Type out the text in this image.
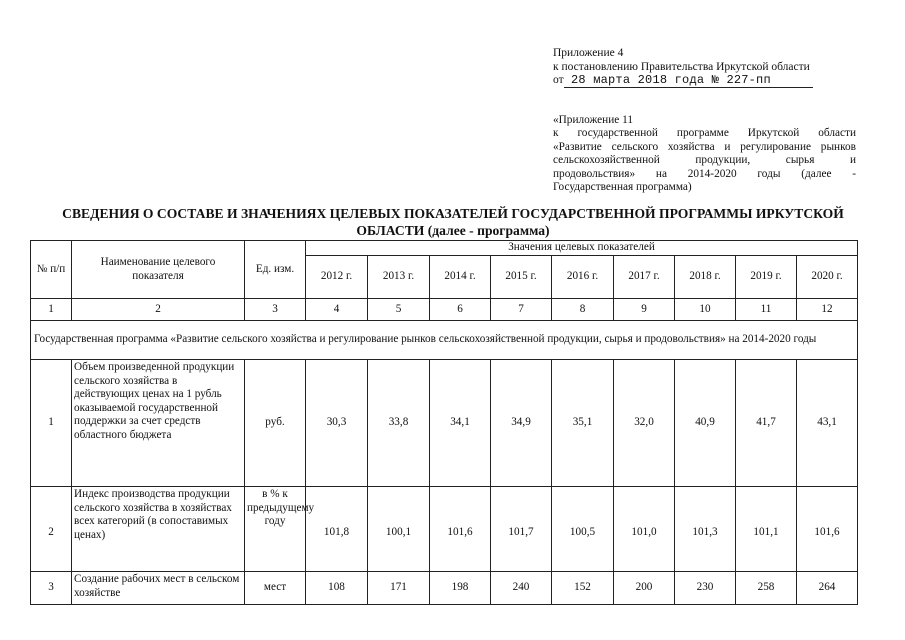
Приложение 4
к постановлению Правительства Иркутской области
от 28 марта 2018 года № 227-пп
«Приложение 11
к государственной программе Иркутской области
«Развитие сельского хозяйства и регулирование рынков
сельскохозяйственной продукции, сырья и
продовольствия» на 2014-2020 годы (далее -
Государственная программа)
СВЕДЕНИЯ О СОСТАВЕ И ЗНАЧЕНИЯХ ЦЕЛЕВЫХ ПОКАЗАТЕЛЕЙ ГОСУДАРСТВЕННОЙ ПРОГРАММЫ ИРКУТСКОЙ
ОБЛАСТИ (далее - программа)
№ п/п	Наименование целевого показателя	Ед. изм.	Значения целевых показателей								
			2012 г.	2013 г.	2014 г.	2015 г.	2016 г.	2017 г.	2018 г.	2019 г.	2020 г.
1	2	3	4	5	6	7	8	9	10	11	12
Государственная программа «Развитие сельского хозяйства и регулирование рынков сельскохозяйственной продукции, сырья и продовольствия» на 2014-2020 годы											
1	Объем произведенной продукции сельского хозяйства в действующих ценах на 1 рубль оказываемой государственной поддержки за счет средств областного бюджета	руб.	30,3	33,8	34,1	34,9	35,1	32,0	40,9	41,7	43,1
2	Индекс производства продукции сельского хозяйства в хозяйствах всех категорий (в сопоставимых ценах)	в % к предыдущему году	101,8	100,1	101,6	101,7	100,5	101,0	101,3	101,1	101,6
3	Создание рабочих мест в сельском хозяйстве	мест	108	171	198	240	152	200	230	258	264
